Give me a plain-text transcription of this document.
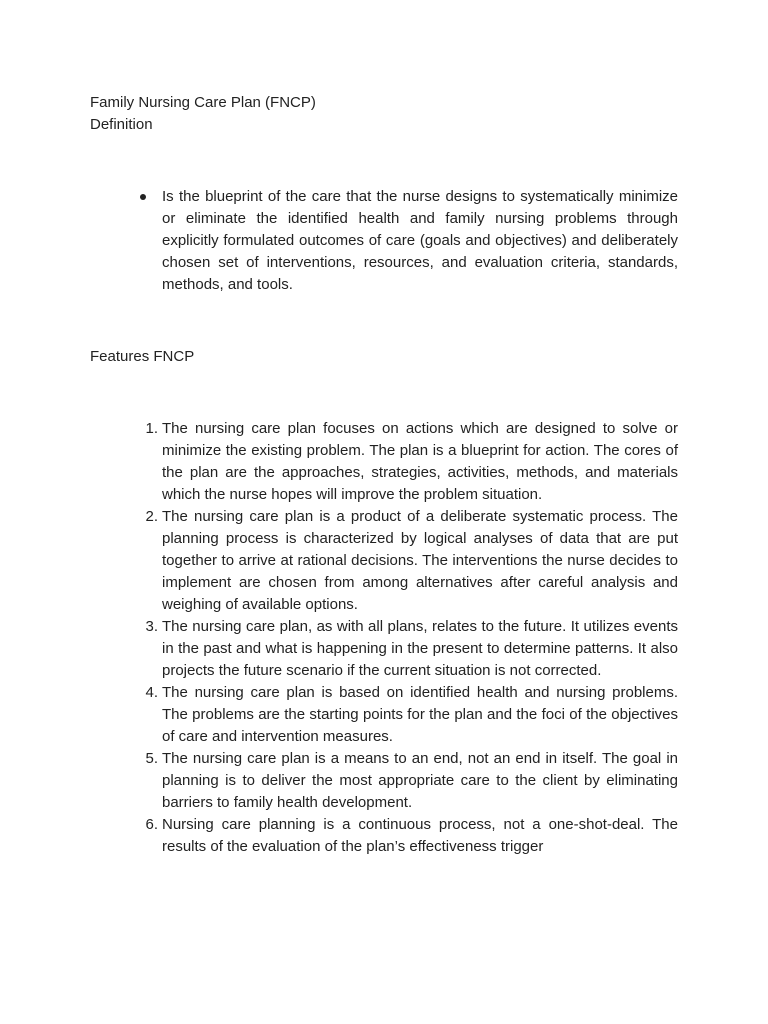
Family Nursing Care Plan (FNCP)
Definition
Is the blueprint of the care that the nurse designs to systematically minimize or eliminate the identified health and family nursing problems through explicitly formulated outcomes of care (goals and objectives) and deliberately chosen set of interventions, resources, and evaluation criteria, standards, methods, and tools.
Features FNCP
1. The nursing care plan focuses on actions which are designed to solve or minimize the existing problem. The plan is a blueprint for action. The cores of the plan are the approaches, strategies, activities, methods, and materials which the nurse hopes will improve the problem situation.
2. The nursing care plan is a product of a deliberate systematic process. The planning process is characterized by logical analyses of data that are put together to arrive at rational decisions. The interventions the nurse decides to implement are chosen from among alternatives after careful analysis and weighing of available options.
3. The nursing care plan, as with all plans, relates to the future. It utilizes events in the past and what is happening in the present to determine patterns. It also projects the future scenario if the current situation is not corrected.
4. The nursing care plan is based on identified health and nursing problems. The problems are the starting points for the plan and the foci of the objectives of care and intervention measures.
5. The nursing care plan is a means to an end, not an end in itself. The goal in planning is to deliver the most appropriate care to the client by eliminating barriers to family health development.
6. Nursing care planning is a continuous process, not a one-shot-deal. The results of the evaluation of the plan’s effectiveness trigger
